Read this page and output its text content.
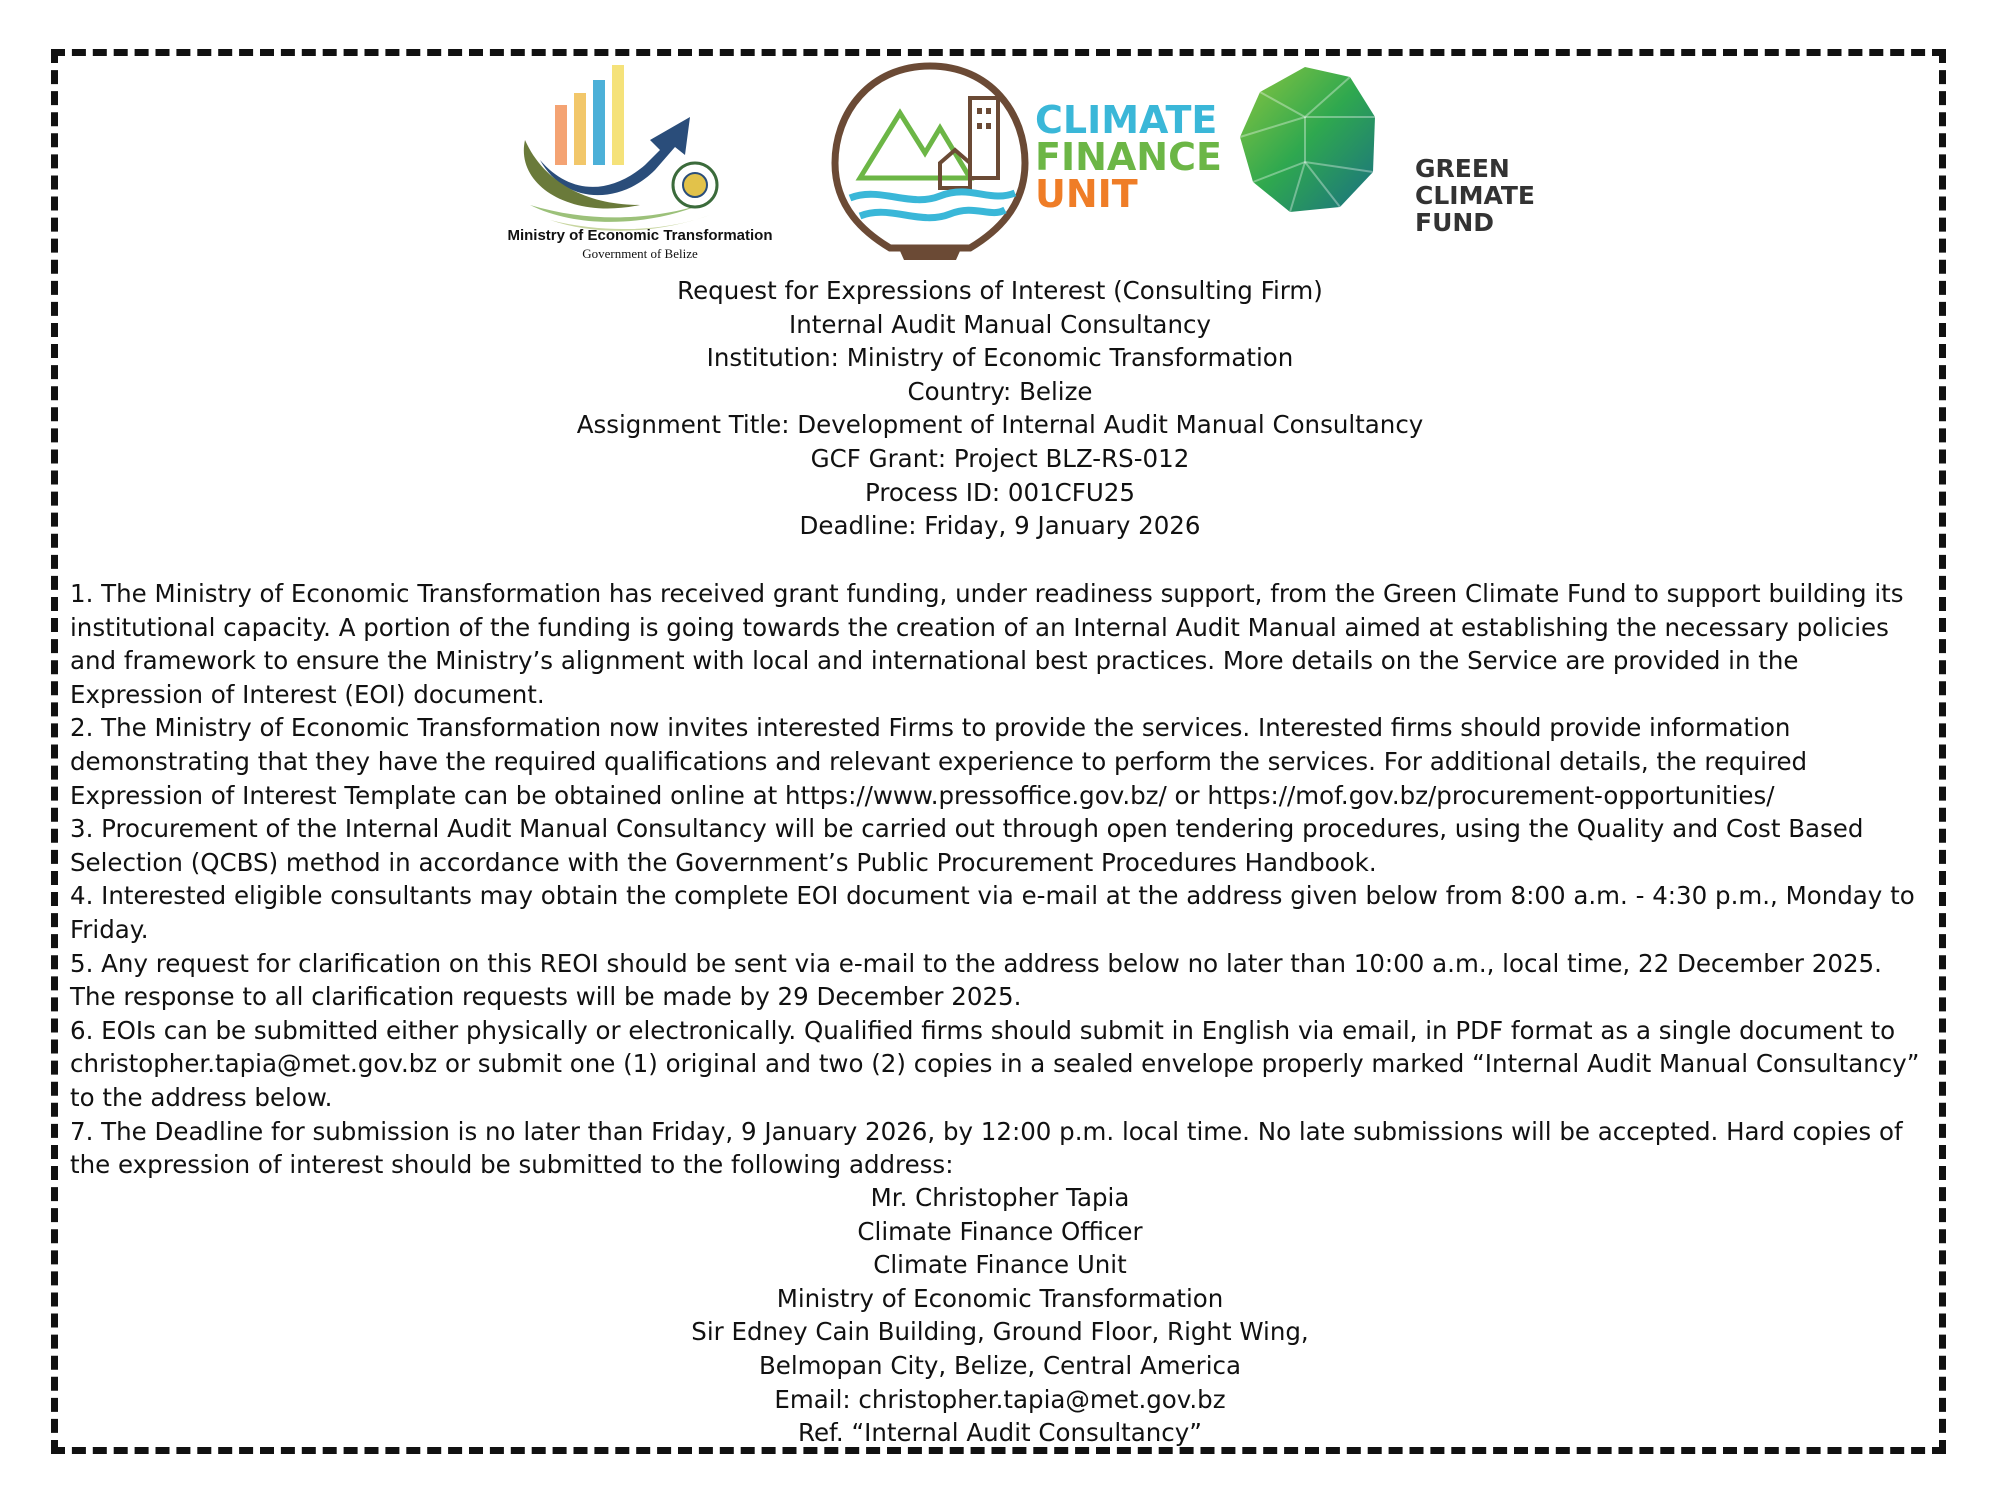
Ministry of Economic Transformation
Government of Belize
CLIMATE
FINANCE
UNIT
GREEN
CLIMATE
FUND
Request for Expressions of Interest (Consulting Firm)
Internal Audit Manual Consultancy
Institution: Ministry of Economic Transformation
Country: Belize
Assignment Title: Development of Internal Audit Manual Consultancy
GCF Grant: Project BLZ-RS-012
Process ID: 001CFU25
Deadline: Friday, 9 January 2026

1. The Ministry of Economic Transformation has received grant funding, under readiness support, from the Green Climate Fund to support building its institutional capacity. A portion of the funding is going towards the creation of an Internal Audit Manual aimed at establishing the necessary policies and framework to ensure the Ministry’s alignment with local and international best practices. More details on the Service are provided in the Expression of Interest (EOI) document.

2. The Ministry of Economic Transformation now invites interested Firms to provide the services. Interested firms should provide information demonstrating that they have the required qualifications and relevant experience to perform the services. For additional details, the required Expression of Interest Template can be obtained online at https://www.pressoffice.gov.bz/ or https://mof.gov.bz/procurement-opportunities/

3. Procurement of the Internal Audit Manual Consultancy will be carried out through open tendering procedures, using the Quality and Cost Based Selection (QCBS) method in accordance with the Government’s Public Procurement Procedures Handbook.

4. Interested eligible consultants may obtain the complete EOI document via e-mail at the address given below from 8:00 a.m. - 4:30 p.m., Monday to Friday.

5. Any request for clarification on this REOI should be sent via e-mail to the address below no later than 10:00 a.m., local time, 22 December 2025. The response to all clarification requests will be made by 29 December 2025.

6. EOIs can be submitted either physically or electronically. Qualified firms should submit in English via email, in PDF format as a single document to christopher.tapia@met.gov.bz or submit one (1) original and two (2) copies in a sealed envelope properly marked “Internal Audit Manual Consultancy” to the address below.

7. The Deadline for submission is no later than Friday, 9 January 2026, by 12:00 p.m. local time. No late submissions will be accepted. Hard copies of the expression of interest should be submitted to the following address:

Mr. Christopher Tapia
Climate Finance Officer
Climate Finance Unit
Ministry of Economic Transformation
Sir Edney Cain Building, Ground Floor, Right Wing,
Belmopan City, Belize, Central America
Email: christopher.tapia@met.gov.bz
Ref. “Internal Audit Consultancy”
